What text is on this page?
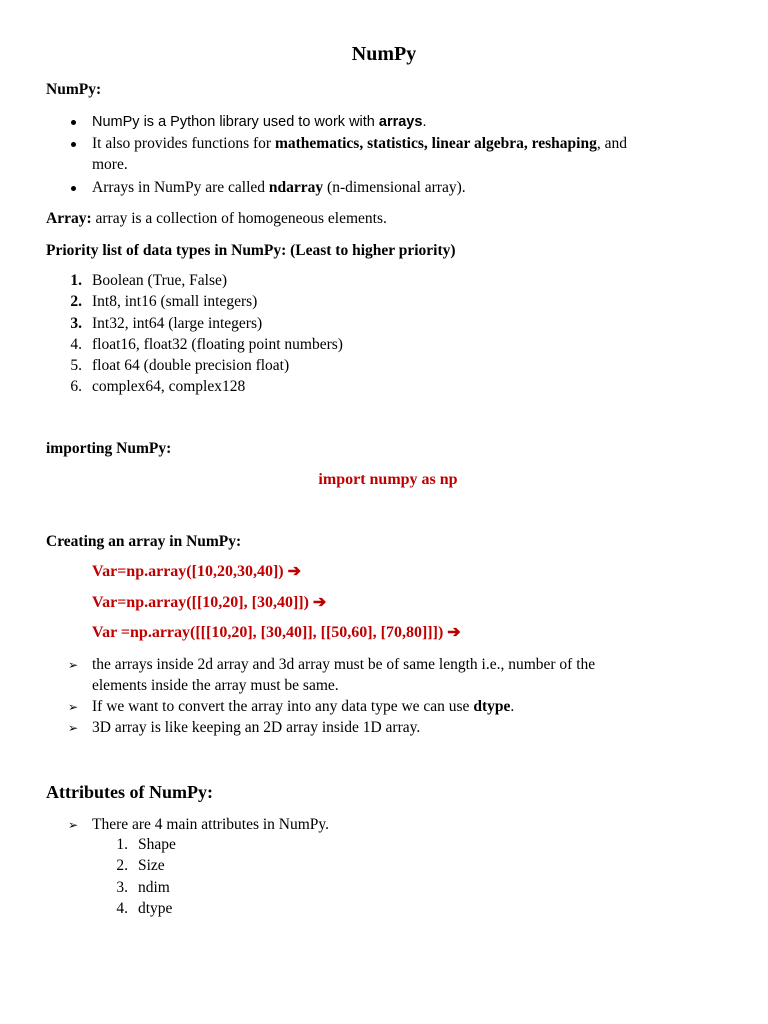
NumPy
NumPy:
NumPy is a Python library used to work with arrays.
It also provides functions for mathematics, statistics, linear algebra, reshaping, and
more.
Arrays in NumPy are called ndarray (n-dimensional array).
Array: array is a collection of homogeneous elements.
Priority list of data types in NumPy: (Least to higher priority)
1. Boolean (True, False)
2. Int8, int16 (small integers)
3. Int32, int64 (large integers)
4. float16, float32 (floating point numbers)
5. float 64 (double precision float)
6. complex64, complex128
importing NumPy:
import numpy as np
Creating an array in NumPy:
Var=np.array([10,20,30,40]) ➔
Var=np.array([[10,20], [30,40]]) ➔
Var =np.array([[[10,20], [30,40]], [[50,60], [70,80]]]) ➔
➢ the arrays inside 2d array and 3d array must be of same length i.e., number of the
elements inside the array must be same.
➢ If we want to convert the array into any data type we can use dtype.
➢ 3D array is like keeping an 2D array inside 1D array.
Attributes of NumPy:
➢ There are 4 main attributes in NumPy.
1. Shape
2. Size
3. ndim
4. dtype
